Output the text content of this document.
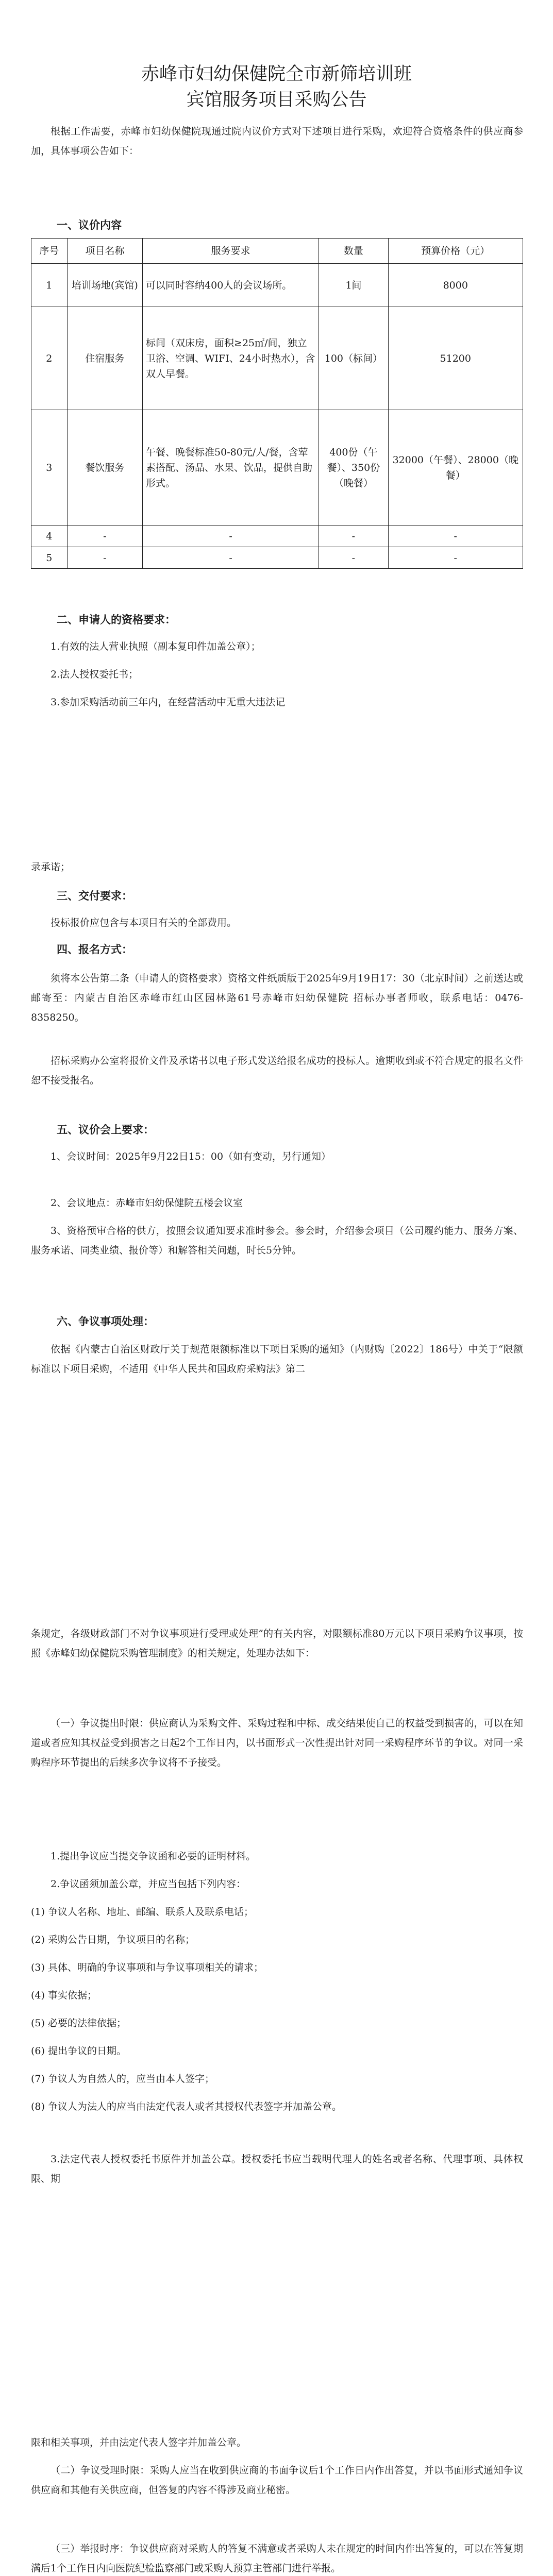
赤峰市妇幼保健院全市新筛培训班
宾馆服务项目采购公告

根据工作需要，赤峰市妇幼保健院现通过院内议价方式对下述项目进行采购，欢迎符合资格条件的供应商参加，具体事项公告如下：

一、议价内容
序号	项目名称	服务要求	数量	预算价格（元）
1	培训场地(宾馆)	可以同时容纳400人的会议场所。	1间	8000
2	住宿服务	标间（双床房，面积≥25㎡/间，独立卫浴、空调、WIFI、24小时热水），含双人早餐。	100（标间）	51200
3	餐饮服务	午餐、晚餐标准50-80元/人/餐，含荤素搭配、汤品、水果、饮品，提供自助形式。	400份（午餐）、350份（晚餐）	32000（午餐）、28000（晚餐）
4	-	-	-	-
5	-	-	-	-
二、申请人的资格要求：

1.有效的法人营业执照（副本复印件加盖公章）；

2.法人授权委托书；

3.参加采购活动前三年内，在经营活动中无重大违法记

录承诺；

三、交付要求：

投标报价应包含与本项目有关的全部费用。

四、报名方式：

须将本公告第二条（申请人的资格要求）资格文件纸质版于2025年9月19日17：30（北京时间）之前送达或邮寄至：内蒙古自治区赤峰市红山区园林路61号赤峰市妇幼保健院 招标办事者师收，联系电话：0476-8358250。

招标采购办公室将报价文件及承诺书以电子形式发送给报名成功的投标人。逾期收到或不符合规定的报名文件恕不接受报名。

五、议价会上要求：

1、会议时间：2025年9月22日15：00（如有变动，另行通知）

2、会议地点：赤峰市妇幼保健院五楼会议室

3、资格预审合格的供方，按照会议通知要求准时参会。参会时，介绍参会项目（公司履约能力、服务方案、服务承诺、同类业绩、报价等）和解答相关问题，时长5分钟。

六、争议事项处理：

依据《内蒙古自治区财政厅关于规范限额标准以下项目采购的通知》（内财购〔2022〕186号）中关于“限额标准以下项目采购，不适用《中华人民共和国政府采购法》第二

条规定，各级财政部门不对争议事项进行受理或处理”的有关内容，对限额标准80万元以下项目采购争议事项，按照《赤峰妇幼保健院采购管理制度》的相关规定，处理办法如下：

（一）争议提出时限：供应商认为采购文件、采购过程和中标、成交结果使自己的权益受到损害的，可以在知道或者应知其权益受到损害之日起2个工作日内，以书面形式一次性提出针对同一采购程序环节的争议。对同一采购程序环节提出的后续多次争议将不予接受。

1.提出争议应当提交争议函和必要的证明材料。

2.争议函须加盖公章，并应当包括下列内容：

(1) 争议人名称、地址、邮编、联系人及联系电话；

(2) 采购公告日期，争议项目的名称；

(3) 具体、明确的争议事项和与争议事项相关的请求；

(4) 事实依据；

(5) 必要的法律依据；

(6) 提出争议的日期。

(7) 争议人为自然人的，应当由本人签字；

(8) 争议人为法人的应当由法定代表人或者其授权代表签字并加盖公章。

3.法定代表人授权委托书原件并加盖公章。授权委托书应当载明代理人的姓名或者名称、代理事项、具体权限、期

限和相关事项，并由法定代表人签字并加盖公章。

（二）争议受理时限：采购人应当在收到供应商的书面争议后1个工作日内作出答复，并以书面形式通知争议供应商和其他有关供应商，但答复的内容不得涉及商业秘密。

（三）举报时序：争议供应商对采购人的答复不满意或者采购人未在规定的时间内作出答复的，可以在答复期满后1个工作日内向医院纪检监察部门或采购人预算主管部门进行举报。
